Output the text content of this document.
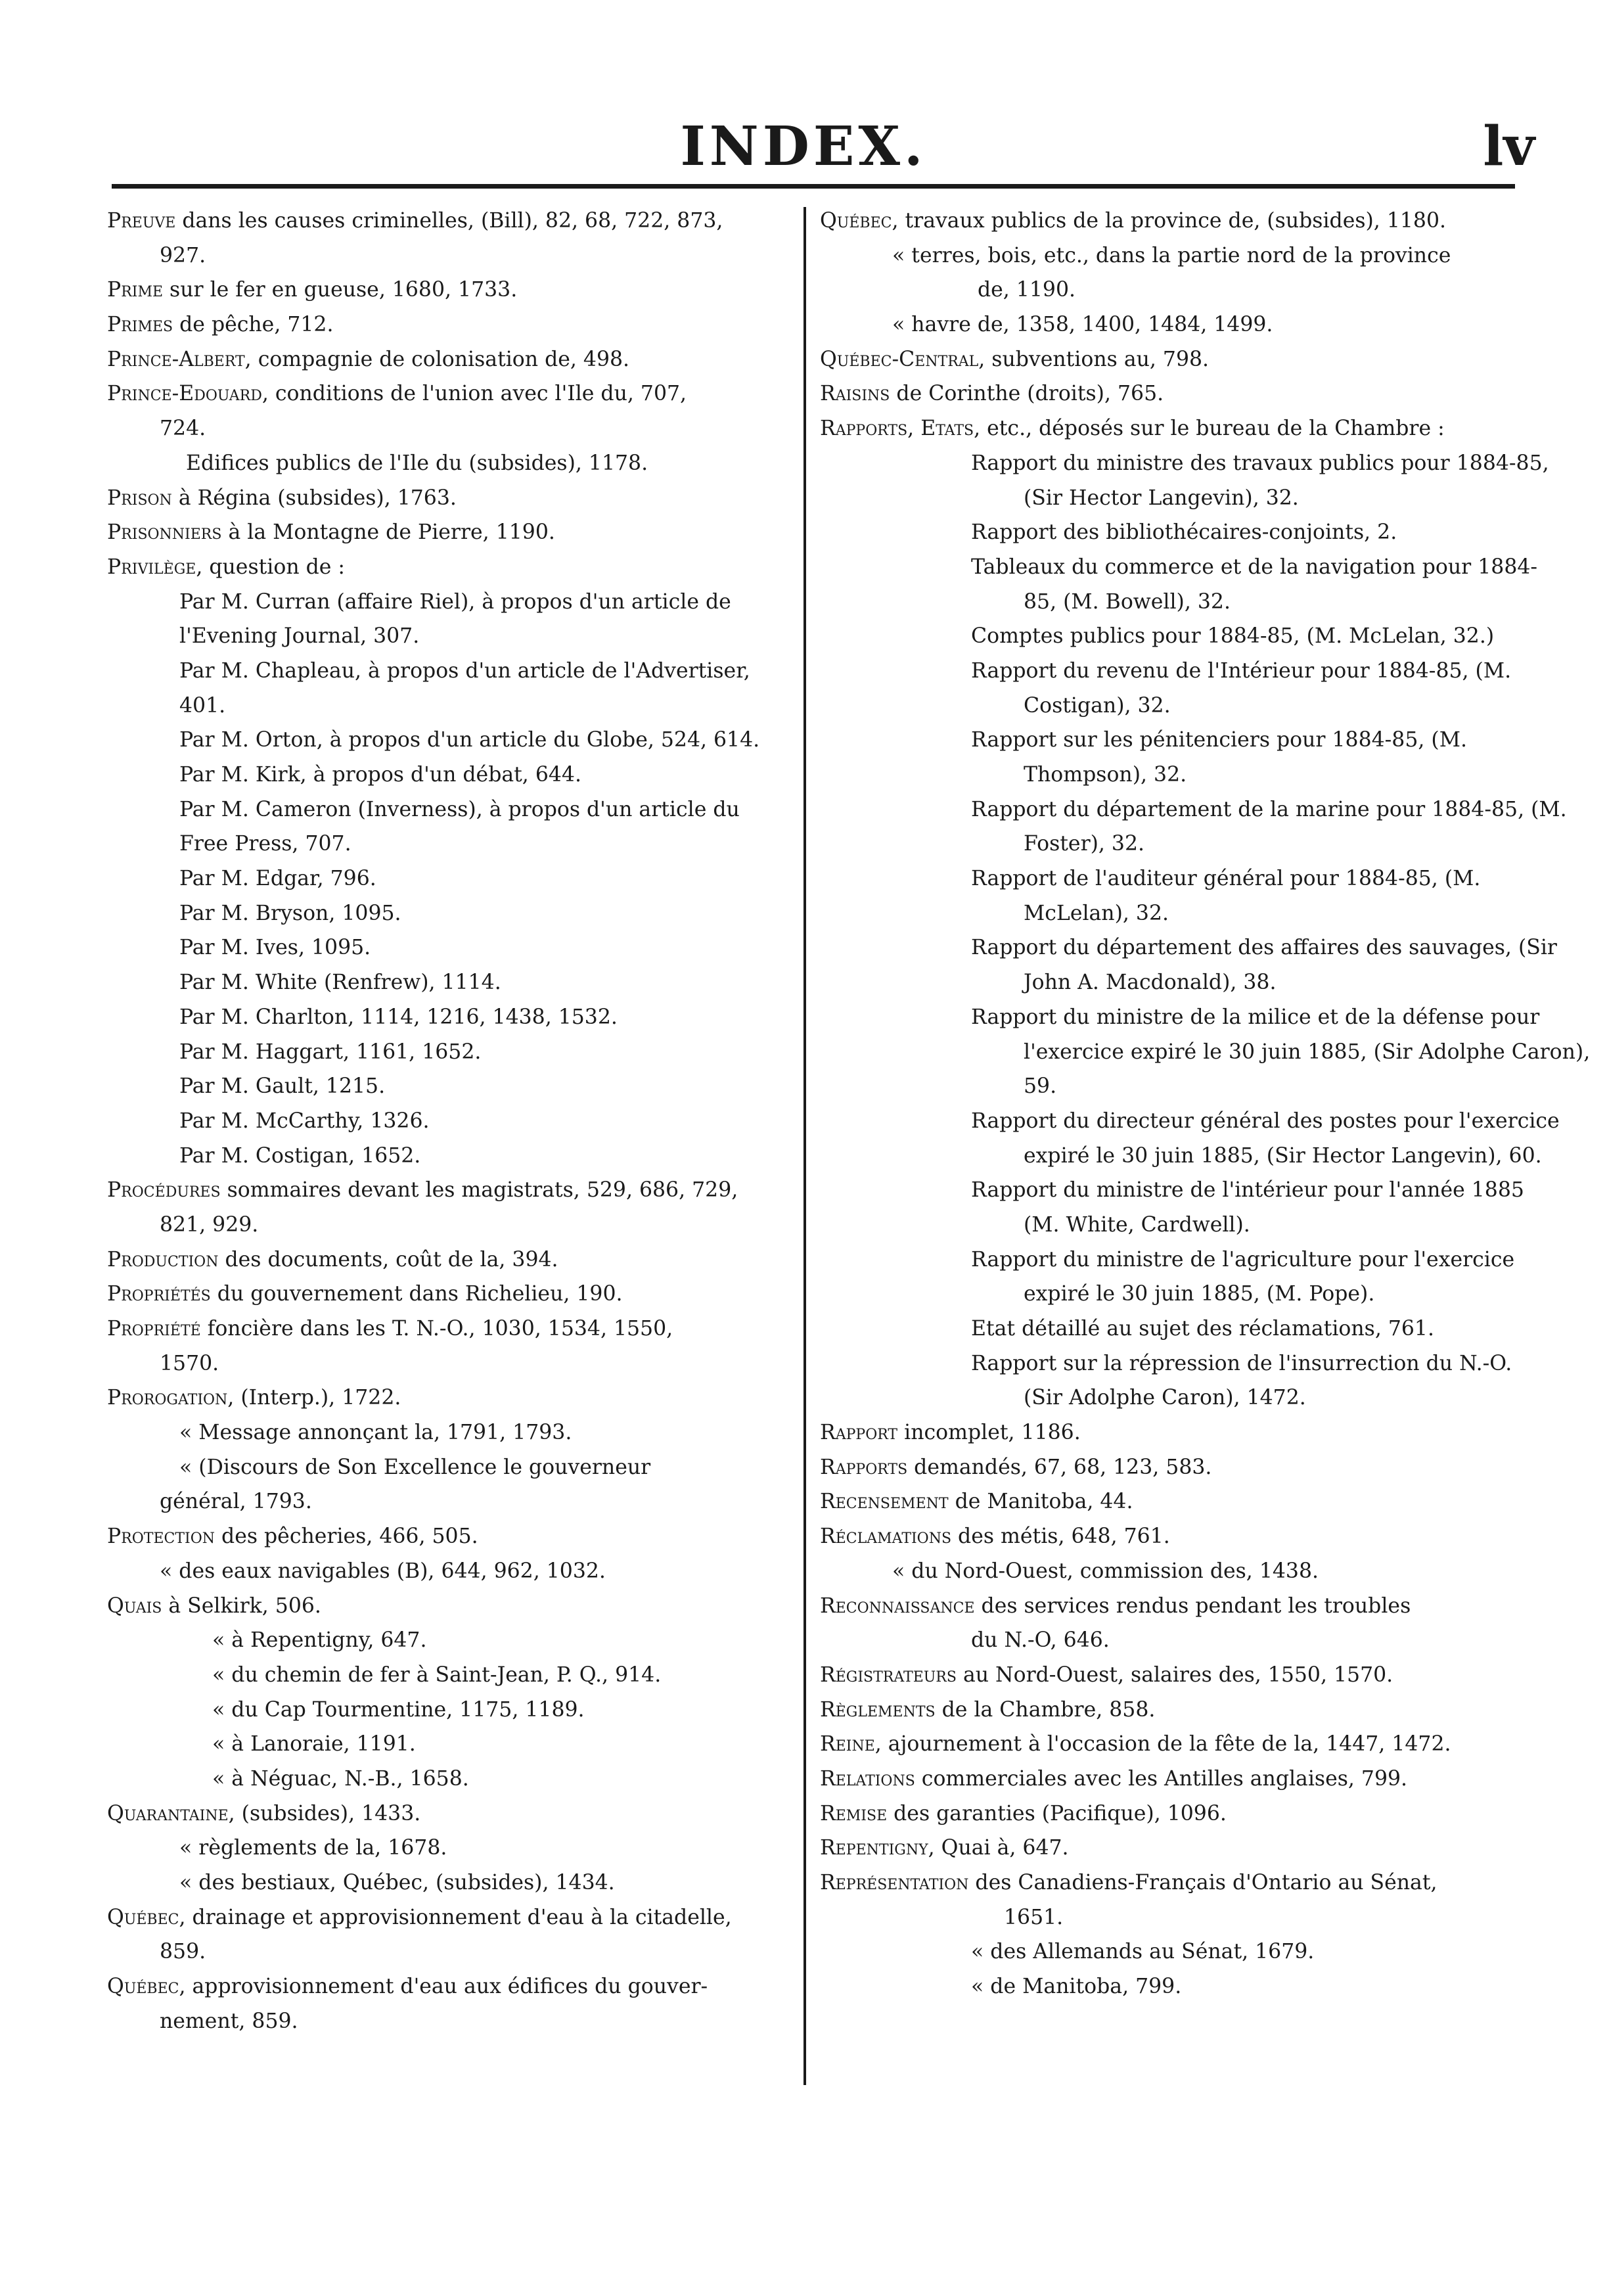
INDEX.	lv
Preuve dans les causes criminelles, (Bill), 82, 68, 722, 873,
927.
Prime sur le fer en gueuse, 1680, 1733.
Primes de pêche, 712.
Prince-Albert, compagnie de colonisation de, 498.
Prince-Edouard, conditions de l'union avec l'Ile du, 707,
724.
Edifices publics de l'Ile du (subsides), 1178.
Prison à Régina (subsides), 1763.
Prisonniers à la Montagne de Pierre, 1190.
Privilège, question de :
Par M. Curran (affaire Riel), à propos d'un article de
l'Evening Journal, 307.
Par M. Chapleau, à propos d'un article de l'Advertiser,
401.
Par M. Orton, à propos d'un article du Globe, 524, 614.
Par M. Kirk, à propos d'un débat, 644.
Par M. Cameron (Inverness), à propos d'un article du
Free Press, 707.
Par M. Edgar, 796.
Par M. Bryson, 1095.
Par M. Ives, 1095.
Par M. White (Renfrew), 1114.
Par M. Charlton, 1114, 1216, 1438, 1532.
Par M. Haggart, 1161, 1652.
Par M. Gault, 1215.
Par M. McCarthy, 1326.
Par M. Costigan, 1652.
Procédures sommaires devant les magistrats, 529, 686, 729,
821, 929.
Production des documents, coût de la, 394.
Propriétés du gouvernement dans Richelieu, 190.
Propriété foncière dans les T. N.-O., 1030, 1534, 1550,
1570.
Prorogation, (Interp.), 1722.
« Message annonçant la, 1791, 1793.
« (Discours de Son Excellence le gouverneur
général, 1793.
Protection des pêcheries, 466, 505.
« des eaux navigables (B), 644, 962, 1032.
Quais à Selkirk, 506.
« à Repentigny, 647.
« du chemin de fer à Saint-Jean, P. Q., 914.
« du Cap Tourmentine, 1175, 1189.
« à Lanoraie, 1191.
« à Néguac, N.-B., 1658.
Quarantaine, (subsides), 1433.
« règlements de la, 1678.
« des bestiaux, Québec, (subsides), 1434.
Québec, drainage et approvisionnement d'eau à la citadelle,
859.
Québec, approvisionnement d'eau aux édifices du gouver-
nement, 859.
Québec, travaux publics de la province de, (subsides), 1180.
« terres, bois, etc., dans la partie nord de la province
de, 1190.
« havre de, 1358, 1400, 1484, 1499.
Québec-Central, subventions au, 798.
Raisins de Corinthe (droits), 765.
Rapports, Etats, etc., déposés sur le bureau de la Chambre :
Rapport du ministre des travaux publics pour 1884-85,
(Sir Hector Langevin), 32.
Rapport des bibliothécaires-conjoints, 2.
Tableaux du commerce et de la navigation pour 1884-
85, (M. Bowell), 32.
Comptes publics pour 1884-85, (M. McLelan, 32.)
Rapport du revenu de l'Intérieur pour 1884-85, (M.
Costigan), 32.
Rapport sur les pénitenciers pour 1884-85, (M.
Thompson), 32.
Rapport du département de la marine pour 1884-85, (M.
Foster), 32.
Rapport de l'auditeur général pour 1884-85, (M.
McLelan), 32.
Rapport du département des affaires des sauvages, (Sir
John A. Macdonald), 38.
Rapport du ministre de la milice et de la défense pour
l'exercice expiré le 30 juin 1885, (Sir Adolphe Caron),
59.
Rapport du directeur général des postes pour l'exercice
expiré le 30 juin 1885, (Sir Hector Langevin), 60.
Rapport du ministre de l'intérieur pour l'année 1885
(M. White, Cardwell).
Rapport du ministre de l'agriculture pour l'exercice
expiré le 30 juin 1885, (M. Pope).
Etat détaillé au sujet des réclamations, 761.
Rapport sur la répression de l'insurrection du N.-O.
(Sir Adolphe Caron), 1472.
Rapport incomplet, 1186.
Rapports demandés, 67, 68, 123, 583.
Recensement de Manitoba, 44.
Réclamations des métis, 648, 761.
« du Nord-Ouest, commission des, 1438.
Reconnaissance des services rendus pendant les troubles
du N.-O, 646.
Régistrateurs au Nord-Ouest, salaires des, 1550, 1570.
Règlements de la Chambre, 858.
Reine, ajournement à l'occasion de la fête de la, 1447, 1472.
Relations commerciales avec les Antilles anglaises, 799.
Remise des garanties (Pacifique), 1096.
Repentigny, Quai à, 647.
Représentation des Canadiens-Français d'Ontario au Sénat,
1651.
« des Allemands au Sénat, 1679.
« de Manitoba, 799.
